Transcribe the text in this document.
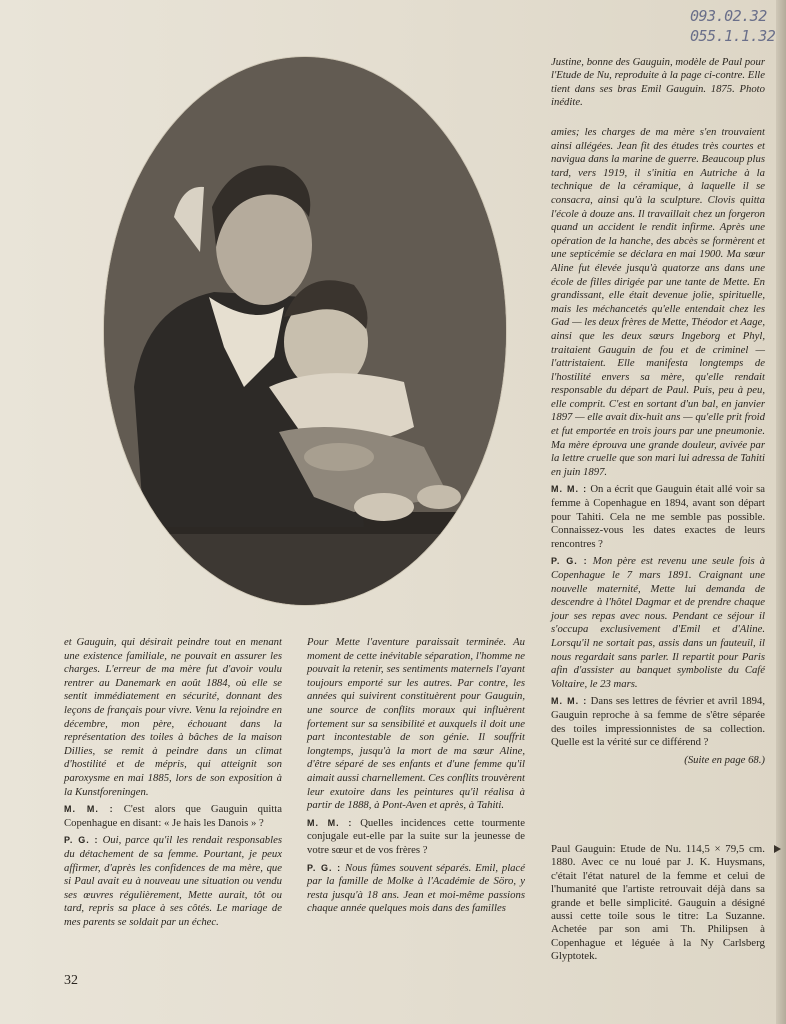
093.02.32
055.1.1.32
Justine, bonne des Gauguin, modèle de Paul pour l'Etude de Nu, reproduite à la page ci-contre. Elle tient dans ses bras Emil Gauguin. 1875. Photo inédite.

amies; les charges de ma mère s'en trouvaient ainsi allégées. Jean fit des études très courtes et navigua dans la marine de guerre. Beaucoup plus tard, vers 1919, il s'initia en Autriche à la technique de la céramique, à laquelle il se consacra, ainsi qu'à la sculpture. Clovis quitta l'école à douze ans. Il travaillait chez un forgeron quand un accident le rendit infirme. Après une opération de la hanche, des abcès se formèrent et une septicémie se déclara en mai 1900. Ma sœur Aline fut élevée jusqu'à quatorze ans dans une école de filles dirigée par une tante de Mette. En grandissant, elle était devenue jolie, spirituelle, mais les méchancetés qu'elle entendait chez les Gad — les deux frères de Mette, Théodor et Aage, ainsi que les deux sœurs Ingeborg et Phyl, traitaient Gauguin de fou et de criminel — l'attristaient. Elle manifesta longtemps de l'hostilité envers sa mère, qu'elle rendait responsable du départ de Paul. Puis, peu à peu, elle comprit. C'est en sortant d'un bal, en janvier 1897 — elle avait dix-huit ans — qu'elle prit froid et fut emportée en trois jours par une pneumonie. Ma mère éprouva une grande douleur, avivée par la lettre cruelle que son mari lui adressa de Tahiti en juin 1897.

M. M. : On a écrit que Gauguin était allé voir sa femme à Copenhague en 1894, avant son départ pour Tahiti. Cela ne me semble pas possible. Connaissez-vous les dates exactes de leurs rencontres ?

P. G. : Mon père est revenu une seule fois à Copenhague le 7 mars 1891. Craignant une nouvelle maternité, Mette lui demanda de descendre à l'hôtel Dagmar et de prendre chaque jour ses repas avec nous. Pendant ce séjour il s'occupa exclusivement d'Emil et d'Aline. Lorsqu'il ne sortait pas, assis dans un fauteuil, il nous regardait sans parler. Il repartit pour Paris afin d'assister au banquet symboliste du Café Voltaire, le 23 mars.

M. M. : Dans ses lettres de février et avril 1894, Gauguin reproche à sa femme de s'être séparée des toiles impressionnistes de sa collection. Quelle est la vérité sur ce différend ?

(Suite en page 68.)

et Gauguin, qui désirait peindre tout en menant une existence familiale, ne pouvait en assurer les charges. L'erreur de ma mère fut d'avoir voulu rentrer au Danemark en août 1884, où elle se sentit immédiatement en sécurité, donnant des leçons de français pour vivre. Venu la rejoindre en décembre, mon père, échouant dans la représentation des toiles à bâches de la maison Dillies, se remit à peindre dans un climat d'hostilité et de mépris, qui atteignit son paroxysme en mai 1885, lors de son exposition à la Kunstforeningen.

M. M. : C'est alors que Gauguin quitta Copenhague en disant: « Je hais les Danois » ?

P. G. : Oui, parce qu'il les rendait responsables du détachement de sa femme. Pourtant, je peux affirmer, d'après les confidences de ma mère, que si Paul avait eu à nouveau une situation ou vendu ses œuvres régulièrement, Mette aurait, tôt ou tard, repris sa place à ses côtés. Le mariage de mes parents se soldait par un échec.

Pour Mette l'aventure paraissait terminée. Au moment de cette inévitable séparation, l'homme ne pouvait la retenir, ses sentiments maternels l'ayant toujours emporté sur les autres. Par contre, les années qui suivirent constituèrent pour Gauguin, une source de conflits moraux qui influèrent fortement sur sa sensibilité et auxquels il doit une part incontestable de son génie. Il souffrit longtemps, jusqu'à la mort de ma sœur Aline, d'être séparé de ses enfants et d'une femme qu'il aimait aussi charnellement. Ces conflits trouvèrent leur exutoire dans les peintures qu'il réalisa à partir de 1888, à Pont-Aven et après, à Tahiti.

M. M. : Quelles incidences cette tourmente conjugale eut-elle par la suite sur la jeunesse de votre sœur et de vos frères ?

P. G. : Nous fûmes souvent séparés. Emil, placé par la famille de Molke à l'Académie de Söro, y resta jusqu'à 18 ans. Jean et moi-même passions chaque année quelques mois dans des familles

Paul Gauguin: Etude de Nu. 114,5 × 79,5 cm. 1880. Avec ce nu loué par J. K. Huysmans, c'était l'état naturel de la femme et celui de l'humanité que l'artiste retrouvait déjà dans sa grande et belle simplicité. Gauguin a désigné aussi cette toile sous le titre: La Suzanne. Achetée par son ami Th. Philipsen à Copenhague et léguée à la Ny Carlsberg Glyptotek.
32
